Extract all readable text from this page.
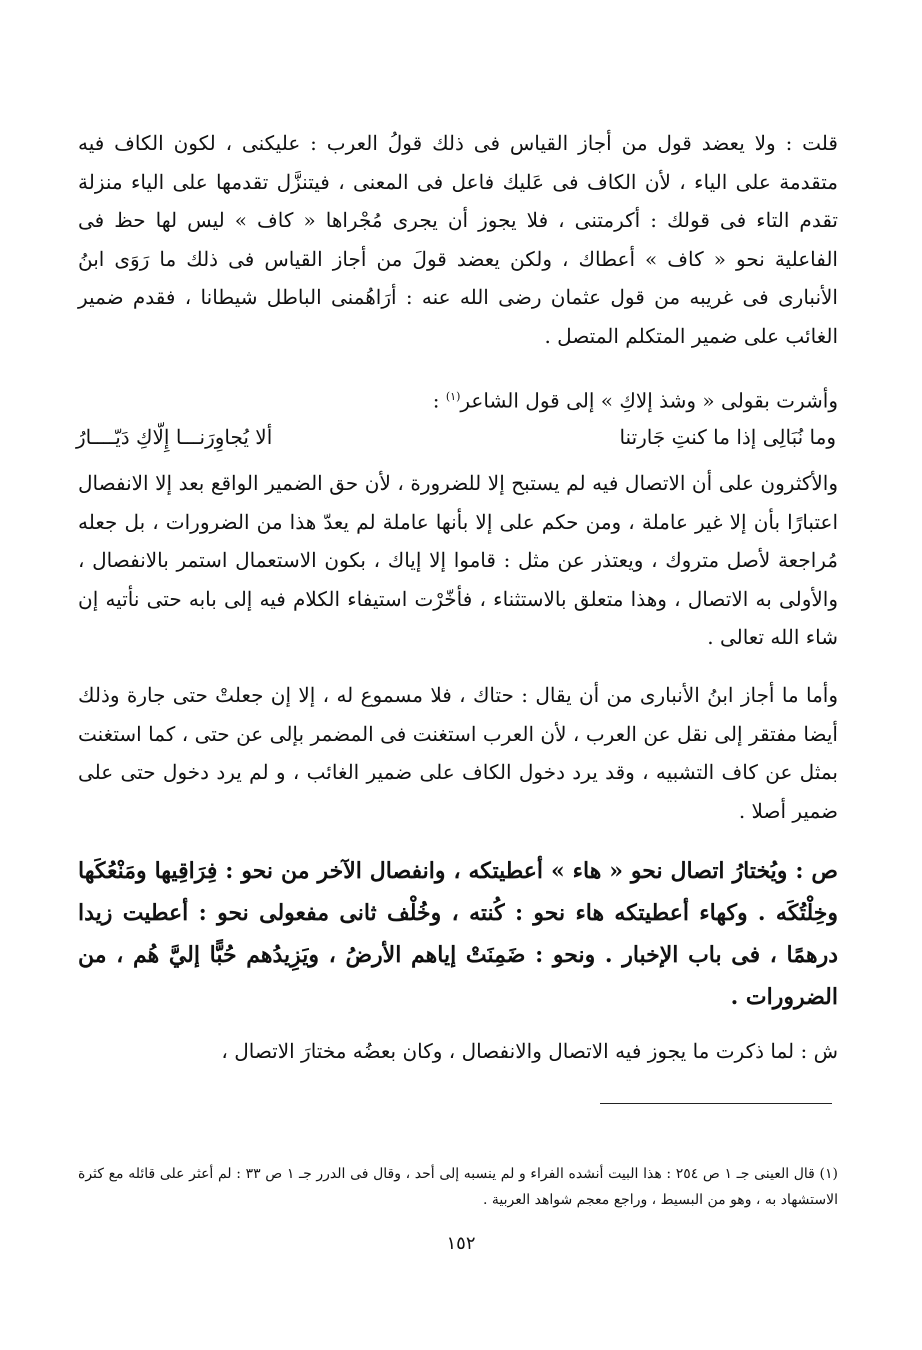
قلت : ولا يعضد قول من أجاز القياس فى ذلك قولُ العرب : عليكنى ، لكون الكاف فيه متقدمة على الياء ، لأن الكاف فى عَليك فاعل فى المعنى ، فيتنزَّل تقدمها على الياء منزلة تقدم التاء فى قولك : أكرمتنى ، فلا يجوز أن يجرى مُجْراها « كاف » ليس لها حظ فى الفاعلية نحو « كاف » أعطاك ، ولكن يعضد قولَ من أجاز القياس فى ذلك ما رَوَى ابنُ الأنبارى فى غريبه من قول عثمان رضى الله عنه : أرَاهُمنى الباطل شيطانا ، فقدم ضمير الغائب على ضمير المتكلم المتصل .

وأشرت بقولى « وشذ إلاكِ » إلى قول الشاعر$^{(١)}$ :

وما نُبَالِى إذا ما كنتِ جَارتنا
ألا يُجاوِرَنـــا إِلّاكِ دَيّــــارُ

والأكثرون على أن الاتصال فيه لم يستبح إلا للضرورة ، لأن حق الضمير الواقع بعد إلا الانفصال اعتبارًا بأن إلا غير عاملة ، ومن حكم على إلا بأنها عاملة لم يعدّ هذا من الضرورات ، بل جعله مُراجعة لأصل متروك ، ويعتذر عن مثل : قاموا إلا إياك ، بكون الاستعمال استمر بالانفصال ، والأولى به الاتصال ، وهذا متعلق بالاستثناء ، فأخّرْت استيفاء الكلام فيه إلى بابه حتى نأتيه إن شاء الله تعالى .

وأما ما أجاز ابنُ الأنبارى من أن يقال : حتاك ، فلا مسموع له ، إلا إن جعلتْ حتى جارة وذلك أيضا مفتقر إلى نقل عن العرب ، لأن العرب استغنت فى المضمر بإلى عن حتى ، كما استغنت بمثل عن كاف التشبيه ، وقد يرد دخول الكاف على ضمير الغائب ، و لم يرد دخول حتى على ضمير أصلا .

ص : ويُختارُ اتصال نحو « هاء » أعطيتكه ، وانفصال الآخر من نحو : فِرَاقِيها ومَنْعُكَها وخِلْتُكَه . وكهاء أعطيتكه هاء نحو : كُنته ، وخُلْف ثانى مفعولى نحو : أعطيت زيدا درهمًا ، فى باب الإخبار . ونحو : ضَمِنَتْ إياهم الأرضُ ، ويَزِيدُهم حُبًّا إليَّ هُم ، من الضرورات .

ش : لما ذكرت ما يجوز فيه الاتصال والانفصال ، وكان بعضُه مختارَ الاتصال ،

(١) قال العينى جـ ١ ص ٢٥٤ : هذا البيت أنشده الفراء و لم ينسبه إلى أحد ، وقال فى الدرر جـ ١ ص ٣٣ : لم أعثر على قائله مع كثرة الاستشهاد به ، وهو من البسيط ، وراجع معجم شواهد العربية .

١٥٢
